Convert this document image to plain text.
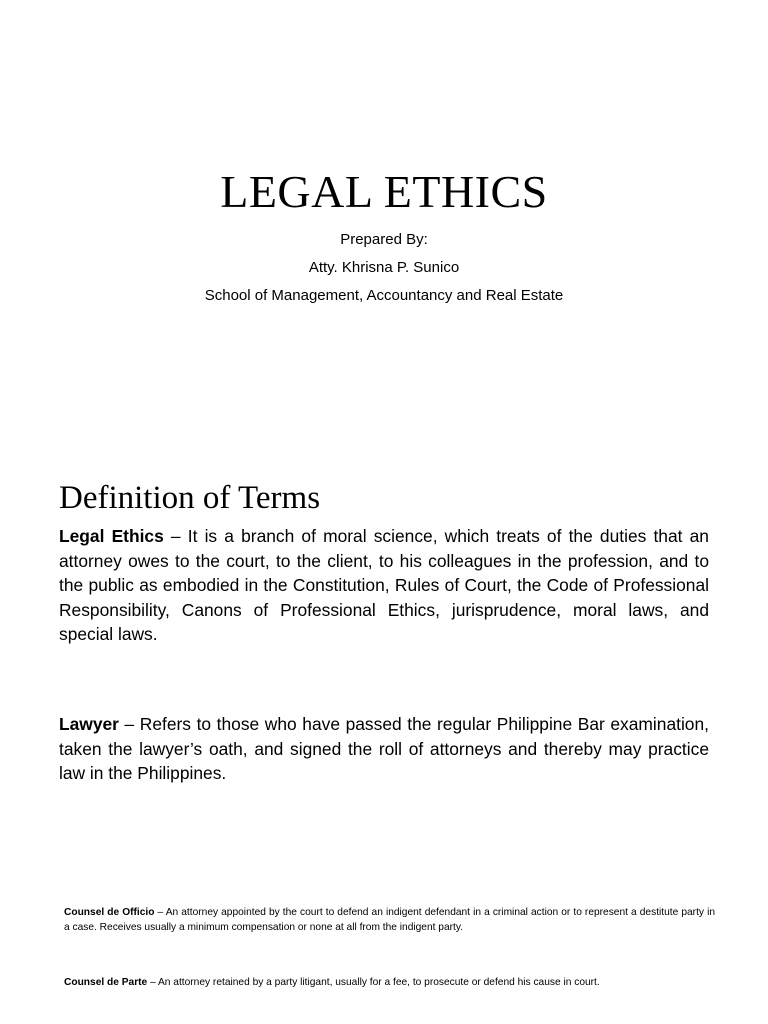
LEGAL ETHICS

Prepared By:

Atty. Khrisna P. Sunico

School of Management, Accountancy and Real Estate

Definition of Terms

Legal Ethics – It is a branch of moral science, which treats of the duties that an attorney owes to the court, to the client, to his colleagues in the profession, and to the public as embodied in the Constitution, Rules of Court, the Code of Professional Responsibility, Canons of Professional Ethics, jurisprudence, moral laws, and special laws.

Lawyer – Refers to those who have passed the regular Philippine Bar examination, taken the lawyer’s oath, and signed the roll of attorneys and thereby may practice law in the Philippines.

Counsel de Officio – An attorney appointed by the court to defend an indigent defendant in a criminal action or to represent a destitute party in a case. Receives usually a minimum compensation or none at all from the indigent party.

Counsel de Parte – An attorney retained by a party litigant, usually for a fee, to prosecute or defend his cause in court.
